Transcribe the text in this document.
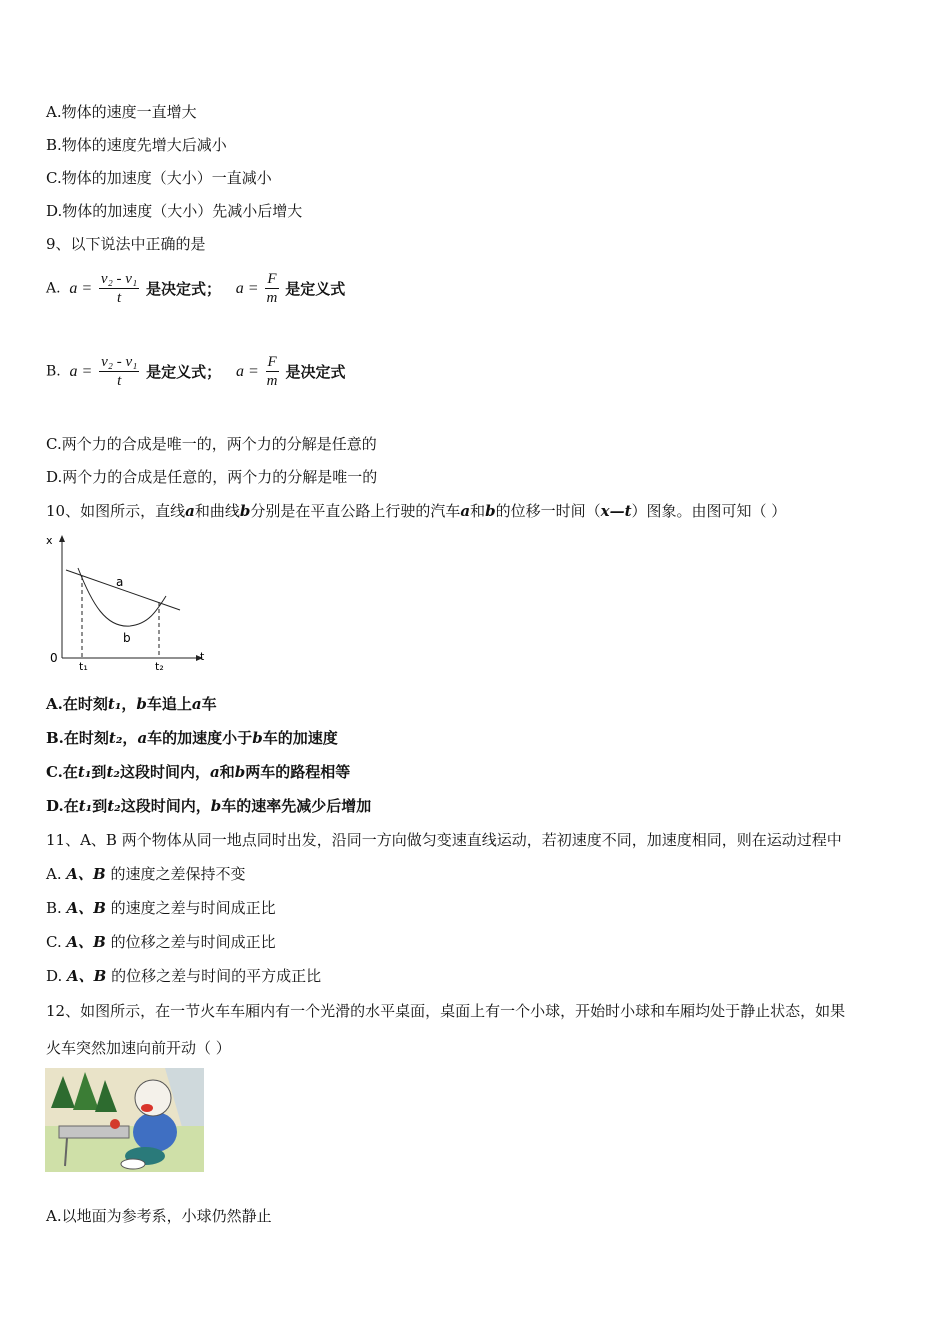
A.物体的速度一直增大
B.物体的速度先增大后减小
C.物体的加速度（大小）一直减小
D.物体的加速度（大小）先减小后增大
9、以下说法中正确的是
A. $a = \frac{\text{v₂ - v₁}}{t}$ 是决定式； $a = \frac{F}{m}$ 是定义式
B. $a = \frac{\text{v₂ - v₁}}{t}$ 是定义式； $a = \frac{F}{m}$ 是决定式
C.两个力的合成是唯一的，两个力的分解是任意的
D.两个力的合成是任意的，两个力的分解是唯一的
10、如图所示，直线a和曲线b分别是在平直公路上行驶的汽车a和b的位移一时间（x—t）图象。由图可知（ ）
x
t
0
t₁	t₂
a
b
A.在时刻t₁，b车追上a车
B.在时刻t₂，a车的加速度小于b车的加速度
C.在t₁到t₂这段时间内，a和b两车的路程相等
D.在t₁到t₂这段时间内，b车的速率先减少后增加
11、A、B 两个物体从同一地点同时出发，沿同一方向做匀变速直线运动，若初速度不同，加速度相同，则在运动过程中
A. A、B 的速度之差保持不变
B. A、B 的速度之差与时间成正比
C. A、B 的位移之差与时间成正比
D. A、B 的位移之差与时间的平方成正比
12、如图所示，在一节火车车厢内有一个光滑的水平桌面，桌面上有一个小球，开始时小球和车厢均处于静止状态，如果
火车突然加速向前开动（ ）
A.以地面为参考系，小球仍然静止
